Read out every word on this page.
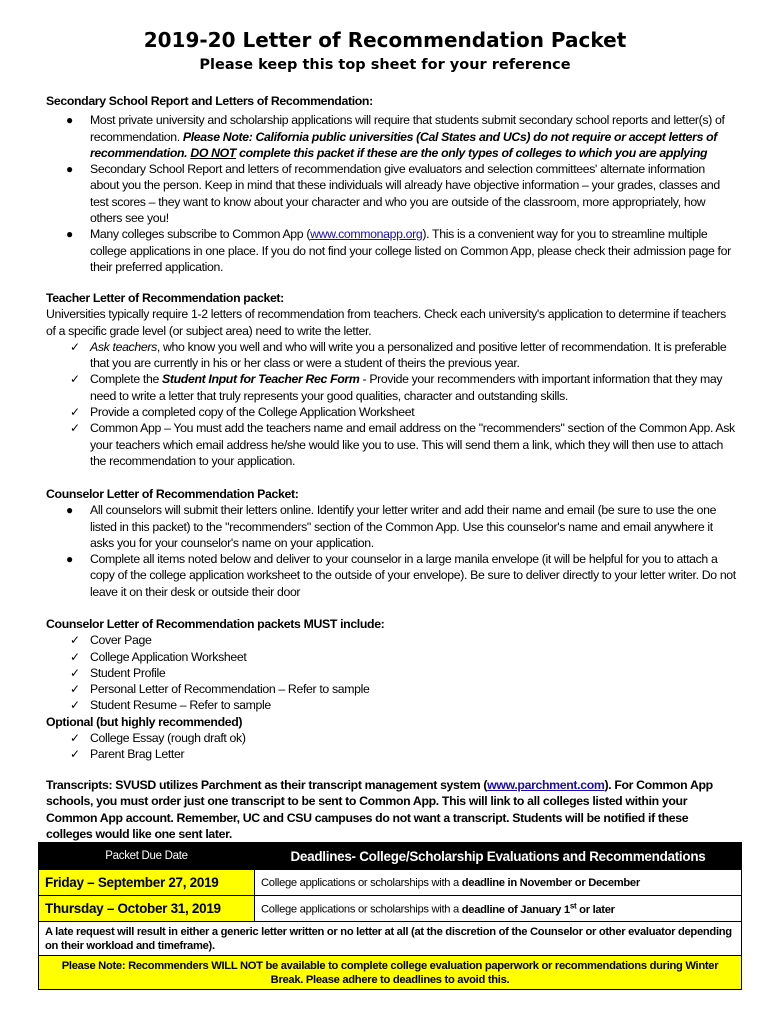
2019-20 Letter of Recommendation Packet
Please keep this top sheet for your reference
Secondary School Report and Letters of Recommendation:
● Most private university and scholarship applications will require that students submit secondary school reports and letter(s) of recommendation. Please Note: California public universities (Cal States and UCs) do not require or accept letters of recommendation. DO NOT complete this packet if these are the only types of colleges to which you are applying
● Secondary School Report and letters of recommendation give evaluators and selection committees' alternate information about you the person. Keep in mind that these individuals will already have objective information – your grades, classes and test scores – they want to know about your character and who you are outside of the classroom, more appropriately, how others see you!
● Many colleges subscribe to Common App (www.commonapp.org). This is a convenient way for you to streamline multiple college applications in one place. If you do not find your college listed on Common App, please check their admission page for their preferred application.
Teacher Letter of Recommendation packet:
Universities typically require 1-2 letters of recommendation from teachers. Check each university's application to determine if teachers of a specific grade level (or subject area) need to write the letter.
✓ Ask teachers, who know you well and who will write you a personalized and positive letter of recommendation. It is preferable that you are currently in his or her class or were a student of theirs the previous year.
✓ Complete the Student Input for Teacher Rec Form - Provide your recommenders with important information that they may need to write a letter that truly represents your good qualities, character and outstanding skills.
✓ Provide a completed copy of the College Application Worksheet
✓ Common App – You must add the teachers name and email address on the "recommenders" section of the Common App. Ask your teachers which email address he/she would like you to use. This will send them a link, which they will then use to attach the recommendation to your application.
Counselor Letter of Recommendation Packet:
● All counselors will submit their letters online. Identify your letter writer and add their name and email (be sure to use the one listed in this packet) to the "recommenders" section of the Common App. Use this counselor's name and email anywhere it asks you for your counselor's name on your application.
● Complete all items noted below and deliver to your counselor in a large manila envelope (it will be helpful for you to attach a copy of the college application worksheet to the outside of your envelope). Be sure to deliver directly to your letter writer. Do not leave it on their desk or outside their door
Counselor Letter of Recommendation packets MUST include:
✓ Cover Page
✓ College Application Worksheet
✓ Student Profile
✓ Personal Letter of Recommendation – Refer to sample
✓ Student Resume – Refer to sample
Optional (but highly recommended)
✓ College Essay (rough draft ok)
✓ Parent Brag Letter
Transcripts: SVUSD utilizes Parchment as their transcript management system (www.parchment.com). For Common App schools, you must order just one transcript to be sent to Common App. This will link to all colleges listed within your Common App account. Remember, UC and CSU campuses do not want a transcript. Students will be notified if these colleges would like one sent later.
Packet Due Date	Deadlines- College/Scholarship Evaluations and Recommendations
Friday – September 27, 2019	College applications or scholarships with a deadline in November or December
Thursday – October 31, 2019	College applications or scholarships with a deadline of January 1st or later
A late request will result in either a generic letter written or no letter at all (at the discretion of the Counselor or other evaluator depending on their workload and timeframe).	
Please Note: Recommenders WILL NOT be available to complete college evaluation paperwork or recommendations during Winter Break. Please adhere to deadlines to avoid this.	
